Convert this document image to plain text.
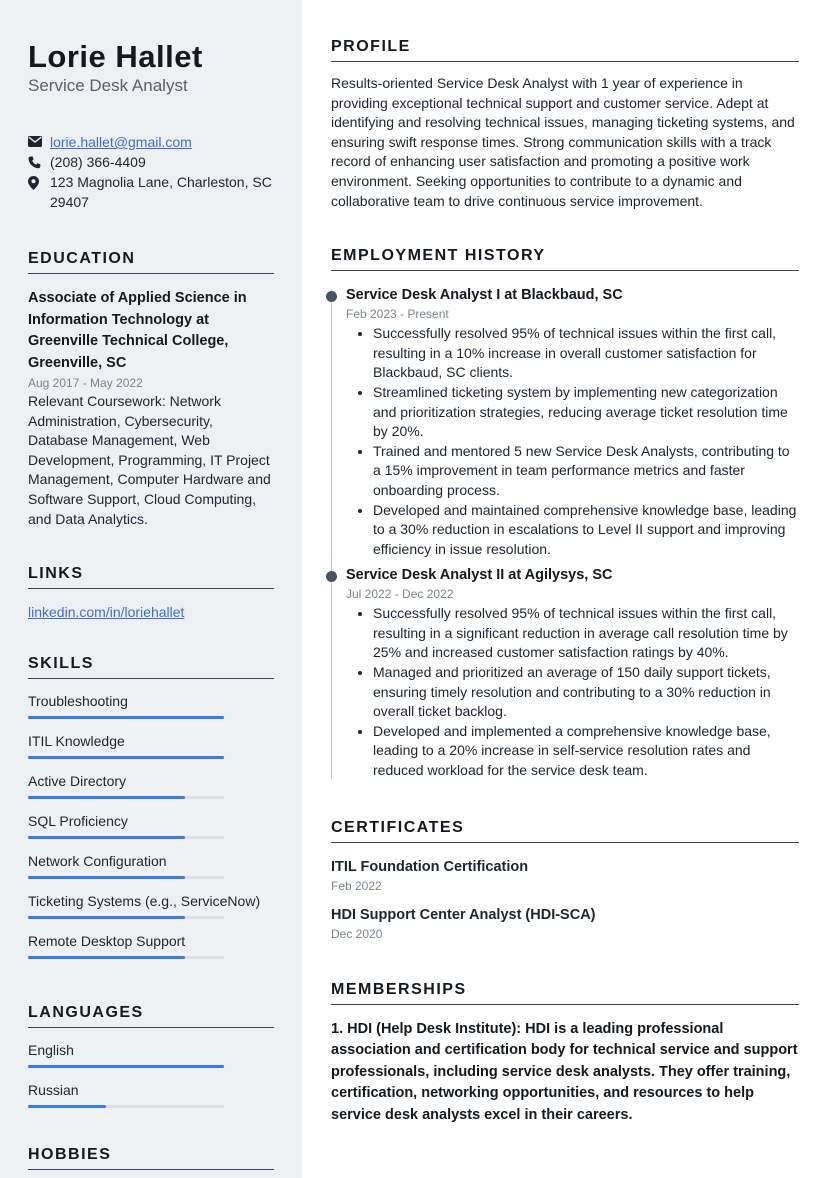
Lorie Hallet
Service Desk Analyst
lorie.hallet@gmail.com
(208) 366-4409
123 Magnolia Lane, Charleston, SC 29407
EDUCATION
Associate of Applied Science in Information Technology at Greenville Technical College, Greenville, SC
Aug 2017 - May 2022
Relevant Coursework: Network Administration, Cybersecurity, Database Management, Web Development, Programming, IT Project Management, Computer Hardware and Software Support, Cloud Computing, and Data Analytics.
LINKS
linkedin.com/in/loriehallet
SKILLS
Troubleshooting
ITIL Knowledge
Active Directory
SQL Proficiency
Network Configuration
Ticketing Systems (e.g., ServiceNow)
Remote Desktop Support
LANGUAGES
English
Russian
HOBBIES
PROFILE
Results-oriented Service Desk Analyst with 1 year of experience in providing exceptional technical support and customer service. Adept at identifying and resolving technical issues, managing ticketing systems, and ensuring swift response times. Strong communication skills with a track record of enhancing user satisfaction and promoting a positive work environment. Seeking opportunities to contribute to a dynamic and collaborative team to drive continuous service improvement.
EMPLOYMENT HISTORY
Service Desk Analyst I at Blackbaud, SC
Feb 2023 - Present
• Successfully resolved 95% of technical issues within the first call, resulting in a 10% increase in overall customer satisfaction for Blackbaud, SC clients.
• Streamlined ticketing system by implementing new categorization and prioritization strategies, reducing average ticket resolution time by 20%.
• Trained and mentored 5 new Service Desk Analysts, contributing to a 15% improvement in team performance metrics and faster onboarding process.
• Developed and maintained comprehensive knowledge base, leading to a 30% reduction in escalations to Level II support and improving efficiency in issue resolution.
Service Desk Analyst II at Agilysys, SC
Jul 2022 - Dec 2022
• Successfully resolved 95% of technical issues within the first call, resulting in a significant reduction in average call resolution time by 25% and increased customer satisfaction ratings by 40%.
• Managed and prioritized an average of 150 daily support tickets, ensuring timely resolution and contributing to a 30% reduction in overall ticket backlog.
• Developed and implemented a comprehensive knowledge base, leading to a 20% increase in self-service resolution rates and reduced workload for the service desk team.
CERTIFICATES
ITIL Foundation Certification
Feb 2022
HDI Support Center Analyst (HDI-SCA)
Dec 2020
MEMBERSHIPS
1. HDI (Help Desk Institute): HDI is a leading professional association and certification body for technical service and support professionals, including service desk analysts. They offer training, certification, networking opportunities, and resources to help service desk analysts excel in their careers.
